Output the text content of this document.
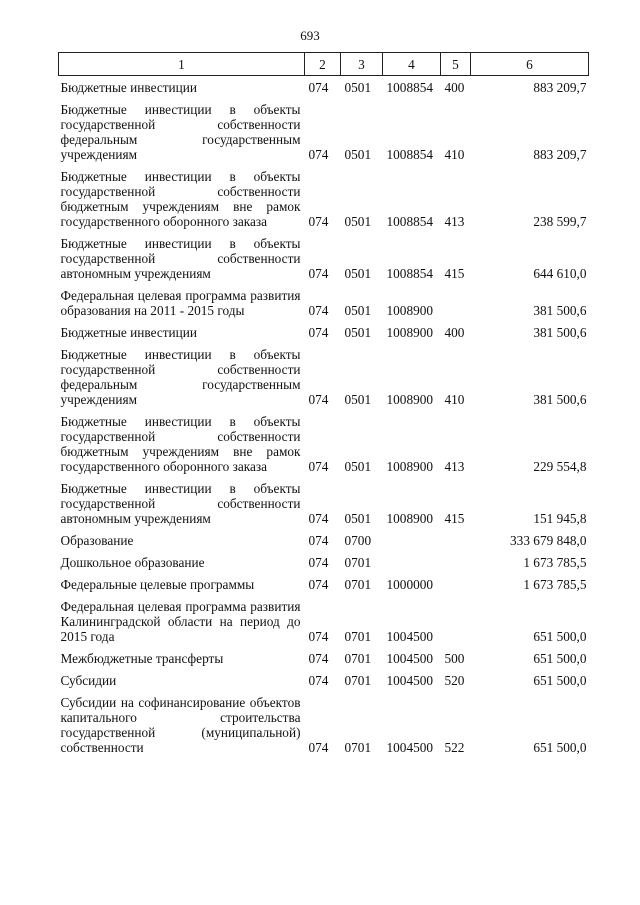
693
1	2	3	4	5	6
Бюджетные инвестиции	074	0501	1008854	400	883 209,7
Бюджетные инвестиции в объекты государственной собственности федеральным государственным учреждениям	074	0501	1008854	410	883 209,7
Бюджетные инвестиции в объекты государственной собственности бюджетным учреждениям вне рамок государственного оборонного заказа	074	0501	1008854	413	238 599,7
Бюджетные инвестиции в объекты государственной собственности автономным учреждениям	074	0501	1008854	415	644 610,0
Федеральная целевая программа развития образования на 2011 - 2015 годы	074	0501	1008900		381 500,6
Бюджетные инвестиции	074	0501	1008900	400	381 500,6
Бюджетные инвестиции в объекты государственной собственности федеральным государственным учреждениям	074	0501	1008900	410	381 500,6
Бюджетные инвестиции в объекты государственной собственности бюджетным учреждениям вне рамок государственного оборонного заказа	074	0501	1008900	413	229 554,8
Бюджетные инвестиции в объекты государственной собственности автономным учреждениям	074	0501	1008900	415	151 945,8
Образование	074	0700			333 679 848,0
Дошкольное образование	074	0701			1 673 785,5
Федеральные целевые программы	074	0701	1000000		1 673 785,5
Федеральная целевая программа развития Калининградской области на период до 2015 года	074	0701	1004500		651 500,0
Межбюджетные трансферты	074	0701	1004500	500	651 500,0
Субсидии	074	0701	1004500	520	651 500,0
Субсидии на софинансирование объектов капитального строительства государственной (муниципальной) собственности	074	0701	1004500	522	651 500,0
